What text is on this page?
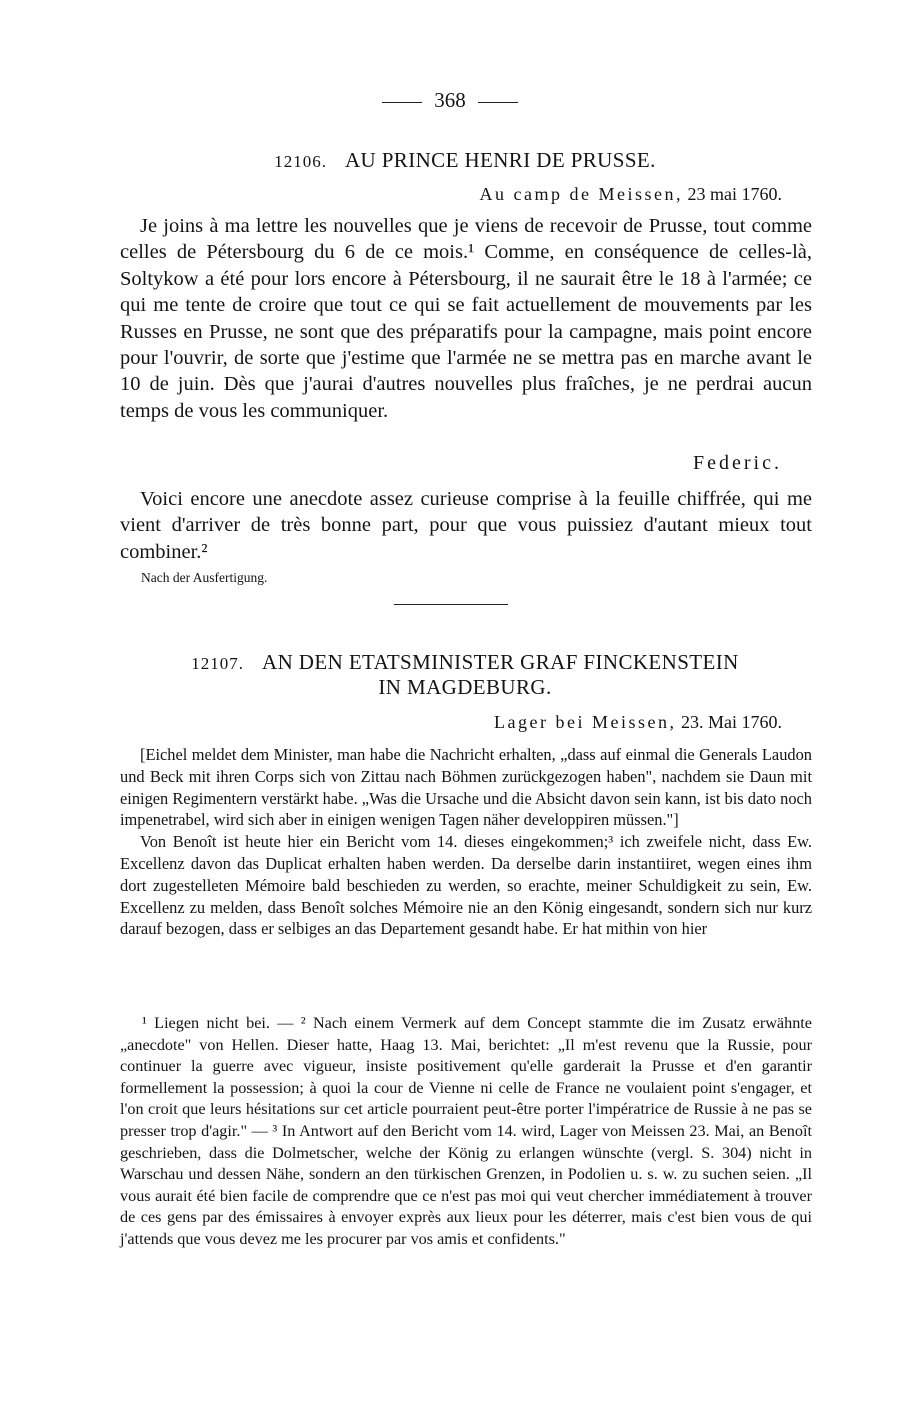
368
12106. AU PRINCE HENRI DE PRUSSE.
Au camp de Meissen, 23 mai 1760.

Je joins à ma lettre les nouvelles que je viens de recevoir de Prusse, tout comme celles de Pétersbourg du 6 de ce mois.¹ Comme, en conséquence de celles-là, Soltykow a été pour lors encore à Pétersbourg, il ne saurait être le 18 à l'armée; ce qui me tente de croire que tout ce qui se fait actuellement de mouvements par les Russes en Prusse, ne sont que des préparatifs pour la campagne, mais point encore pour l'ouvrir, de sorte que j'estime que l'armée ne se mettra pas en marche avant le 10 de juin. Dès que j'aurai d'autres nouvelles plus fraîches, je ne perdrai aucun temps de vous les communiquer.

Federic.

Voici encore une anecdote assez curieuse comprise à la feuille chiffrée, qui me vient d'arriver de très bonne part, pour que vous puissiez d'autant mieux tout combiner.²

Nach der Ausfertigung.
12107. AN DEN ETATSMINISTER GRAF FINCKENSTEIN
IN MAGDEBURG.
Lager bei Meissen, 23. Mai 1760.

[Eichel meldet dem Minister, man habe die Nachricht erhalten, „dass auf einmal die Generals Laudon und Beck mit ihren Corps sich von Zittau nach Böhmen zurückgezogen haben", nachdem sie Daun mit einigen Regimentern verstärkt habe. „Was die Ursache und die Absicht davon sein kann, ist bis dato noch impenetrabel, wird sich aber in einigen wenigen Tagen näher developpiren müssen."]

Von Benoît ist heute hier ein Bericht vom 14. dieses eingekommen;³ ich zweifele nicht, dass Ew. Excellenz davon das Duplicat erhalten haben werden. Da derselbe darin instantiiret, wegen eines ihm dort zugestelleten Mémoire bald beschieden zu werden, so erachte, meiner Schuldigkeit zu sein, Ew. Excellenz zu melden, dass Benoît solches Mémoire nie an den König eingesandt, sondern sich nur kurz darauf bezogen, dass er selbiges an das Departement gesandt habe. Er hat mithin von hier

¹ Liegen nicht bei. — ² Nach einem Vermerk auf dem Concept stammte die im Zusatz erwähnte „anecdote" von Hellen. Dieser hatte, Haag 13. Mai, berichtet: „Il m'est revenu que la Russie, pour continuer la guerre avec vigueur, insiste positivement qu'elle garderait la Prusse et d'en garantir formellement la possession; à quoi la cour de Vienne ni celle de France ne voulaient point s'engager, et l'on croit que leurs hésitations sur cet article pourraient peut-être porter l'impératrice de Russie à ne pas se presser trop d'agir." — ³ In Antwort auf den Bericht vom 14. wird, Lager von Meissen 23. Mai, an Benoît geschrieben, dass die Dolmetscher, welche der König zu erlangen wünschte (vergl. S. 304) nicht in Warschau und dessen Nähe, sondern an den türkischen Grenzen, in Podolien u. s. w. zu suchen seien. „Il vous aurait été bien facile de comprendre que ce n'est pas moi qui veut chercher immédiatement à trouver de ces gens par des émissaires à envoyer exprès aux lieux pour les déterrer, mais c'est bien vous de qui j'attends que vous devez me les procurer par vos amis et confidents."
